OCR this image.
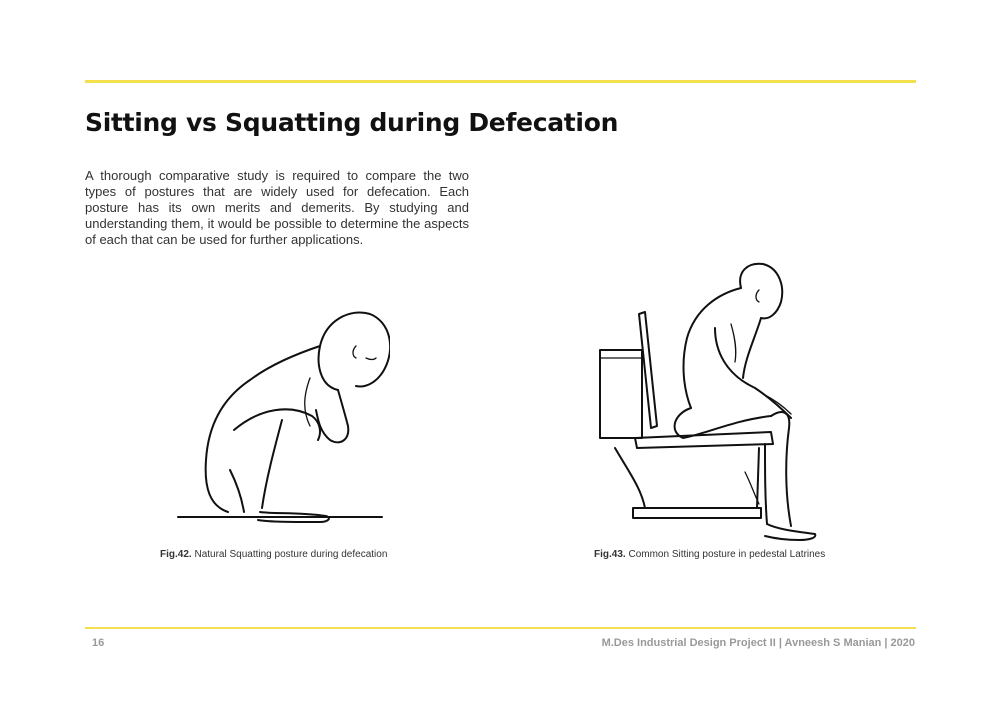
Sitting vs Squatting during Defecation

A thorough comparative study is required to compare the two types of postures that are widely used for defecation. Each posture has its own merits and demerits. By studying and understanding them, it would be possible to determine the aspects of each that can be used for further applications.

Fig.42. Natural Squatting posture during defecation	Fig.43. Common Sitting posture in pedestal Latrines

16	M.Des Industrial Design Project II | Avneesh S Manian | 2020
